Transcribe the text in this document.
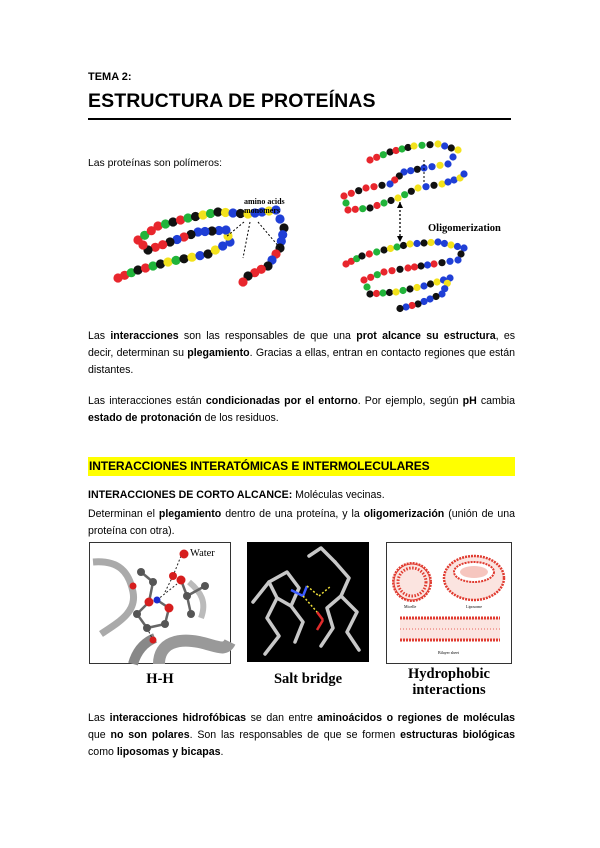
TEMA 2:
ESTRUCTURA DE PROTEÍNAS
Las proteínas son polímeros:
amino acids
monomers
Oligomerization
Las interacciones son las responsables de que una prot alcance su estructura, es decir, determinan su plegamiento. Gracias a ellas, entran en contacto regiones que están distantes.
Las interacciones están condicionadas por el entorno. Por ejemplo, según pH cambia estado de protonación de los residuos.
INTERACCIONES INTERATÓMICAS E INTERMOLECULARES
INTERACCIONES DE CORTO ALCANCE: Moléculas vecinas.
Determinan el plegamiento dentro de una proteína, y la oligomerización (unión de una proteína con otra).
Water
H-H	Salt bridge
Micelle	Liposome
Bilayer sheet
Hydrophobic
interactions
Las interacciones hidrofóbicas se dan entre aminoácidos o regiones de moléculas que no son polares. Son las responsables de que se formen estructuras biológicas como liposomas y bicapas.
